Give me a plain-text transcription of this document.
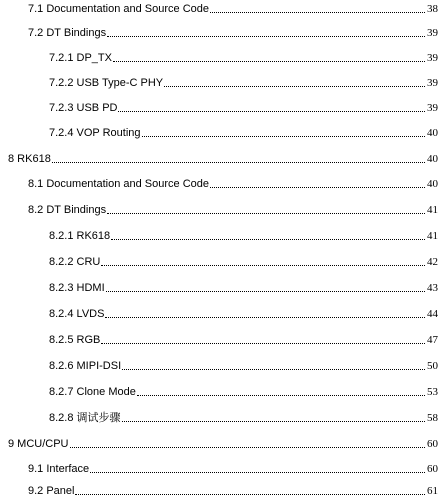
7.1 Documentation and Source Code	38
7.2 DT Bindings	39
7.2.1 DP_TX	39
7.2.2 USB Type-C PHY	39
7.2.3 USB PD	39
7.2.4 VOP Routing	40
8 RK618	40
8.1 Documentation and Source Code	40
8.2 DT Bindings	41
8.2.1 RK618	41
8.2.2 CRU	42
8.2.3 HDMI	43
8.2.4 LVDS	44
8.2.5 RGB	47
8.2.6 MIPI-DSI	50
8.2.7 Clone Mode	53
8.2.8 调试步骤	58
9 MCU/CPU	60
9.1 Interface	60
9.2 Panel	61
